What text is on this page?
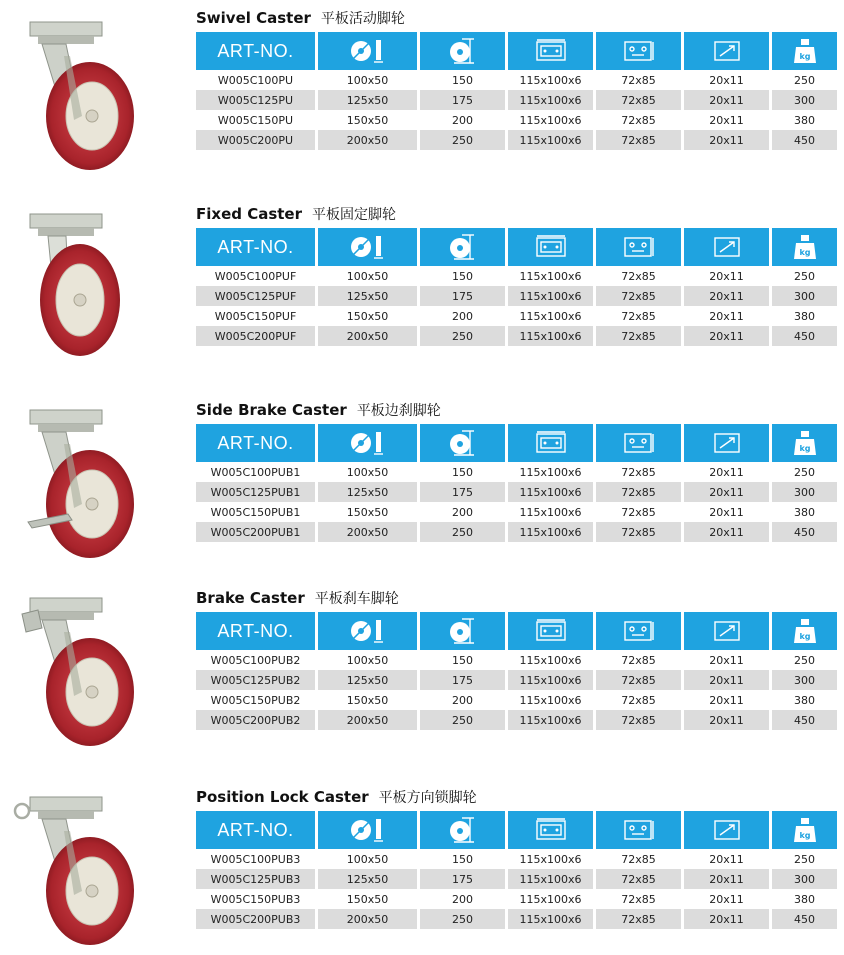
Swivel Caster 平板活动脚轮
ART-NO.						kg

W005C100PU	100x50	150	115x100x6	72x85	20x11	250
W005C125PU	125x50	175	115x100x6	72x85	20x11	300
W005C150PU	150x50	200	115x100x6	72x85	20x11	380
W005C200PU	200x50	250	115x100x6	72x85	20x11	450
Fixed Caster 平板固定脚轮
ART-NO.						kg

W005C100PUF	100x50	150	115x100x6	72x85	20x11	250
W005C125PUF	125x50	175	115x100x6	72x85	20x11	300
W005C150PUF	150x50	200	115x100x6	72x85	20x11	380
W005C200PUF	200x50	250	115x100x6	72x85	20x11	450
Side Brake Caster 平板边刹脚轮
ART-NO.						kg

W005C100PUB1	100x50	150	115x100x6	72x85	20x11	250
W005C125PUB1	125x50	175	115x100x6	72x85	20x11	300
W005C150PUB1	150x50	200	115x100x6	72x85	20x11	380
W005C200PUB1	200x50	250	115x100x6	72x85	20x11	450
Brake Caster 平板刹车脚轮
ART-NO.						kg

W005C100PUB2	100x50	150	115x100x6	72x85	20x11	250
W005C125PUB2	125x50	175	115x100x6	72x85	20x11	300
W005C150PUB2	150x50	200	115x100x6	72x85	20x11	380
W005C200PUB2	200x50	250	115x100x6	72x85	20x11	450
Position Lock Caster 平板方向锁脚轮
ART-NO.						kg

W005C100PUB3	100x50	150	115x100x6	72x85	20x11	250
W005C125PUB3	125x50	175	115x100x6	72x85	20x11	300
W005C150PUB3	150x50	200	115x100x6	72x85	20x11	380
W005C200PUB3	200x50	250	115x100x6	72x85	20x11	450
